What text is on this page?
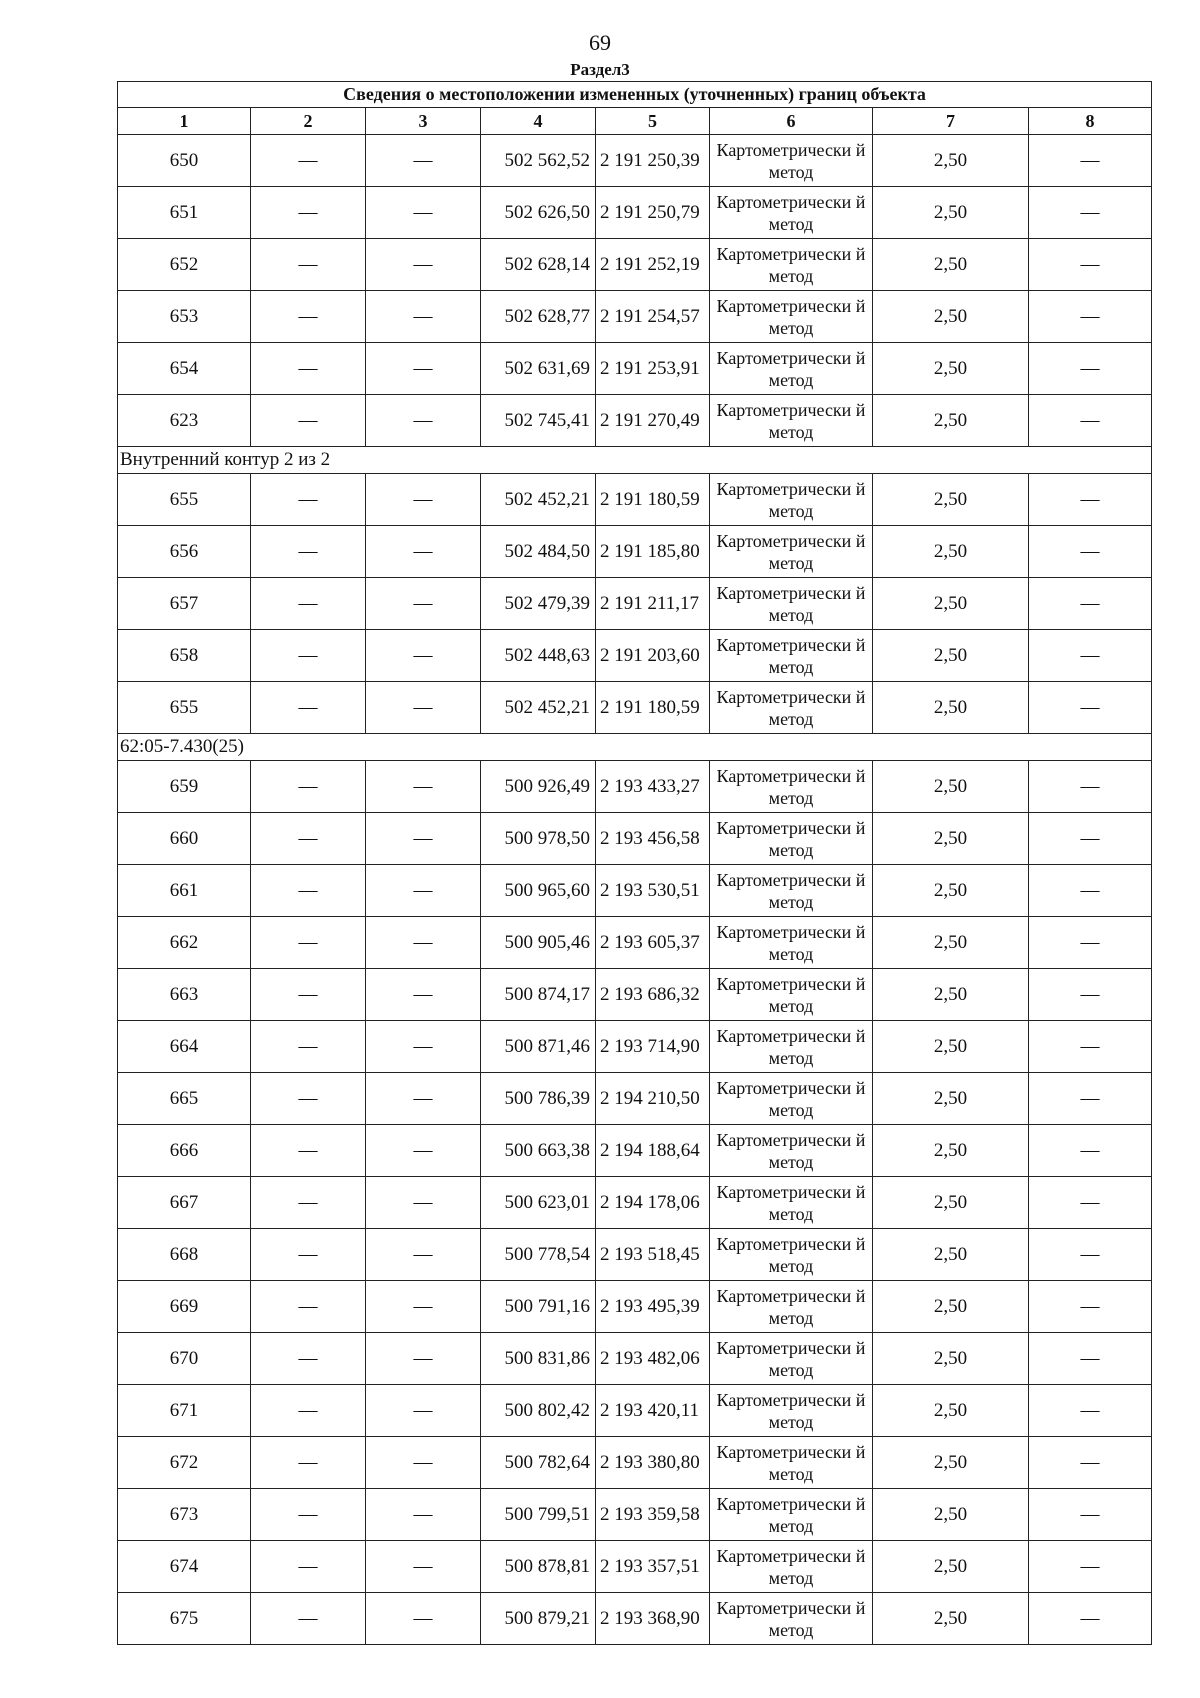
69
Раздел3
Сведения о местоположении измененных (уточненных) границ объекта							
1	2	3	4	5	6	7	8
650	—	—	502 562,52	2 191 250,39	Картометрически й метод	2,50	—
651	—	—	502 626,50	2 191 250,79	Картометрически й метод	2,50	—
652	—	—	502 628,14	2 191 252,19	Картометрически й метод	2,50	—
653	—	—	502 628,77	2 191 254,57	Картометрически й метод	2,50	—
654	—	—	502 631,69	2 191 253,91	Картометрически й метод	2,50	—
623	—	—	502 745,41	2 191 270,49	Картометрически й метод	2,50	—
Внутренний контур 2 из 2							
655	—	—	502 452,21	2 191 180,59	Картометрически й метод	2,50	—
656	—	—	502 484,50	2 191 185,80	Картометрически й метод	2,50	—
657	—	—	502 479,39	2 191 211,17	Картометрически й метод	2,50	—
658	—	—	502 448,63	2 191 203,60	Картометрически й метод	2,50	—
655	—	—	502 452,21	2 191 180,59	Картометрически й метод	2,50	—
62:05-7.430(25)							
659	—	—	500 926,49	2 193 433,27	Картометрически й метод	2,50	—
660	—	—	500 978,50	2 193 456,58	Картометрически й метод	2,50	—
661	—	—	500 965,60	2 193 530,51	Картометрически й метод	2,50	—
662	—	—	500 905,46	2 193 605,37	Картометрически й метод	2,50	—
663	—	—	500 874,17	2 193 686,32	Картометрически й метод	2,50	—
664	—	—	500 871,46	2 193 714,90	Картометрически й метод	2,50	—
665	—	—	500 786,39	2 194 210,50	Картометрически й метод	2,50	—
666	—	—	500 663,38	2 194 188,64	Картометрически й метод	2,50	—
667	—	—	500 623,01	2 194 178,06	Картометрически й метод	2,50	—
668	—	—	500 778,54	2 193 518,45	Картометрически й метод	2,50	—
669	—	—	500 791,16	2 193 495,39	Картометрически й метод	2,50	—
670	—	—	500 831,86	2 193 482,06	Картометрически й метод	2,50	—
671	—	—	500 802,42	2 193 420,11	Картометрически й метод	2,50	—
672	—	—	500 782,64	2 193 380,80	Картометрически й метод	2,50	—
673	—	—	500 799,51	2 193 359,58	Картометрически й метод	2,50	—
674	—	—	500 878,81	2 193 357,51	Картометрически й метод	2,50	—
675	—	—	500 879,21	2 193 368,90	Картометрически й метод	2,50	—
